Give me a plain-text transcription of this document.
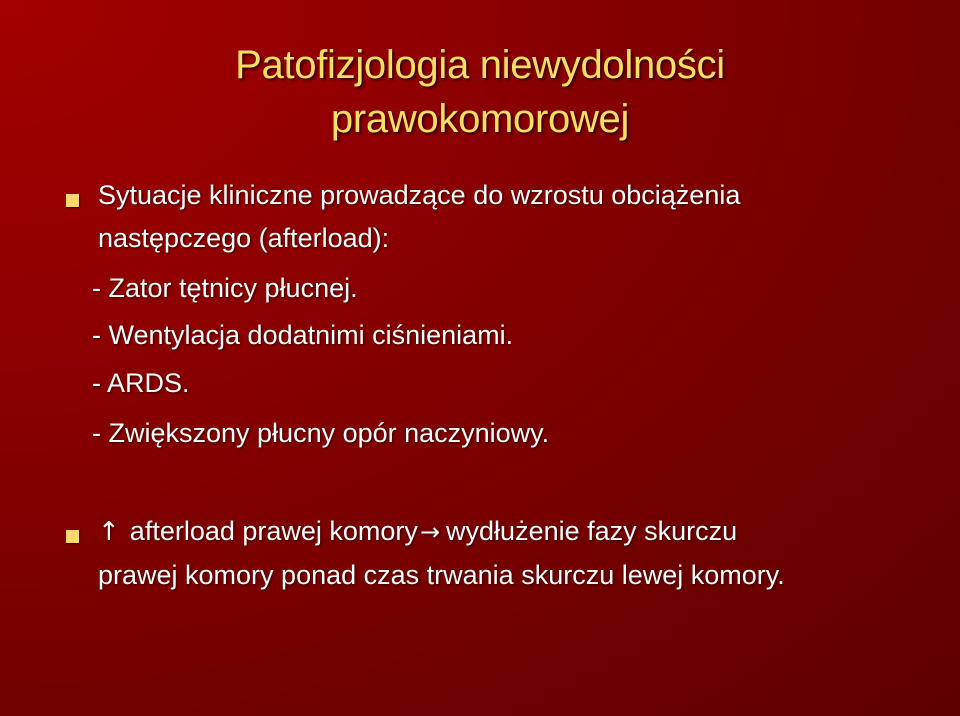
Patofizjologia niewydolności
prawokomorowej
Sytuacje kliniczne prowadzące do wzrostu obciążenia
następczego (afterload):
- Zator tętnicy płucnej.
- Wentylacja dodatnimi ciśnieniami.
- ARDS.
- Zwiększony płucny opór naczyniowy.
↑ afterload prawej komory→ wydłużenie fazy skurczu
prawej komory ponad czas trwania skurczu lewej komory.
